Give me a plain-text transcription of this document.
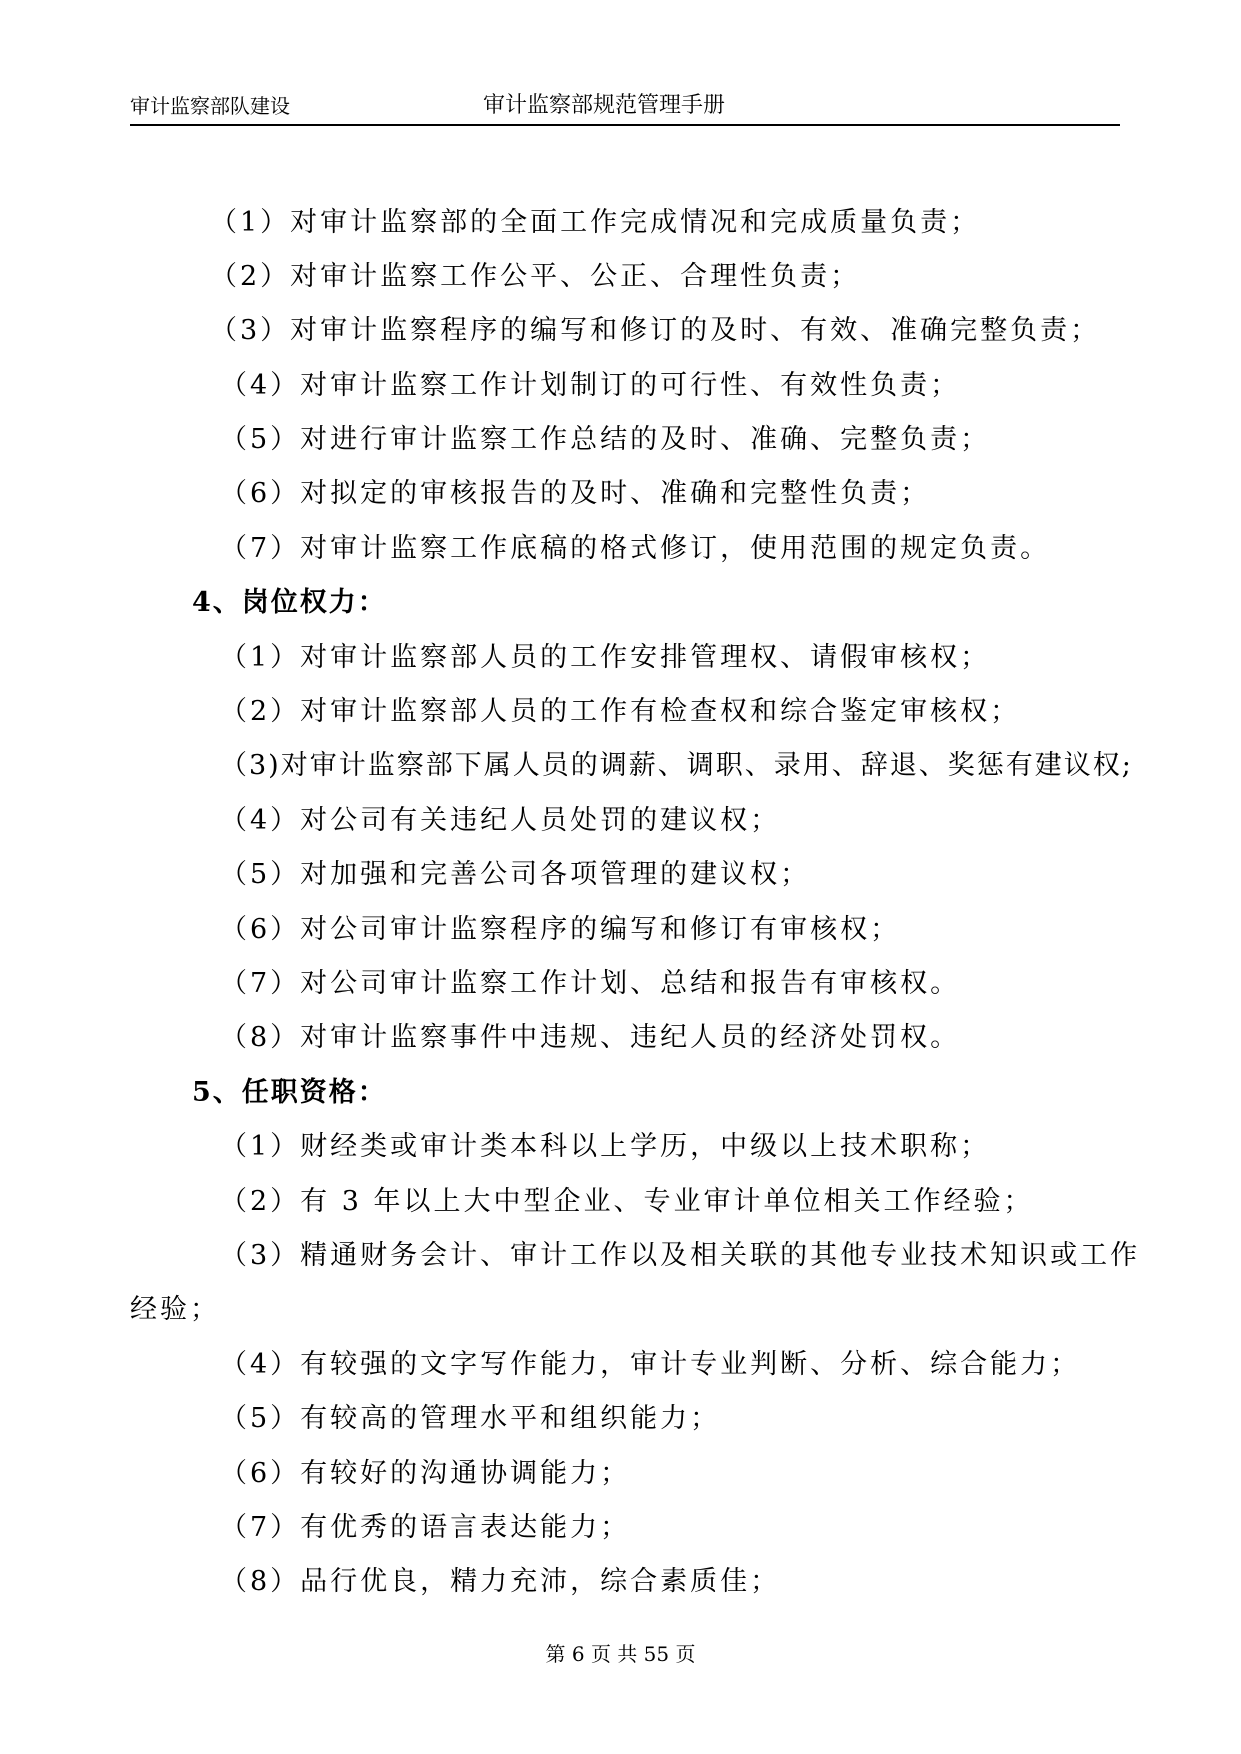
审计监察部队建设	审计监察部规范管理手册
（1）对审计监察部的全面工作完成情况和完成质量负责；
（2）对审计监察工作公平、公正、合理性负责；
（3）对审计监察程序的编写和修订的及时、有效、准确完整负责；
（4）对审计监察工作计划制订的可行性、有效性负责；
（5）对进行审计监察工作总结的及时、准确、完整负责；
（6）对拟定的审核报告的及时、准确和完整性负责；
（7）对审计监察工作底稿的格式修订，使用范围的规定负责。
4、岗位权力：
（1）对审计监察部人员的工作安排管理权、请假审核权；
（2）对审计监察部人员的工作有检查权和综合鉴定审核权；
（3)对审计监察部下属人员的调薪、调职、录用、辞退、奖惩有建议权;
（4）对公司有关违纪人员处罚的建议权；
（5）对加强和完善公司各项管理的建议权；
（6）对公司审计监察程序的编写和修订有审核权；
（7）对公司审计监察工作计划、总结和报告有审核权。
（8）对审计监察事件中违规、违纪人员的经济处罚权。
5、任职资格：
（1）财经类或审计类本科以上学历，中级以上技术职称；
（2）有 3 年以上大中型企业、专业审计单位相关工作经验；
（3）精通财务会计、审计工作以及相关联的其他专业技术知识或工作
经验；
（4）有较强的文字写作能力，审计专业判断、分析、综合能力；
（5）有较高的管理水平和组织能力；
（6）有较好的沟通协调能力；
（7）有优秀的语言表达能力；
（8）品行优良，精力充沛，综合素质佳；
第 6 页 共 55 页
